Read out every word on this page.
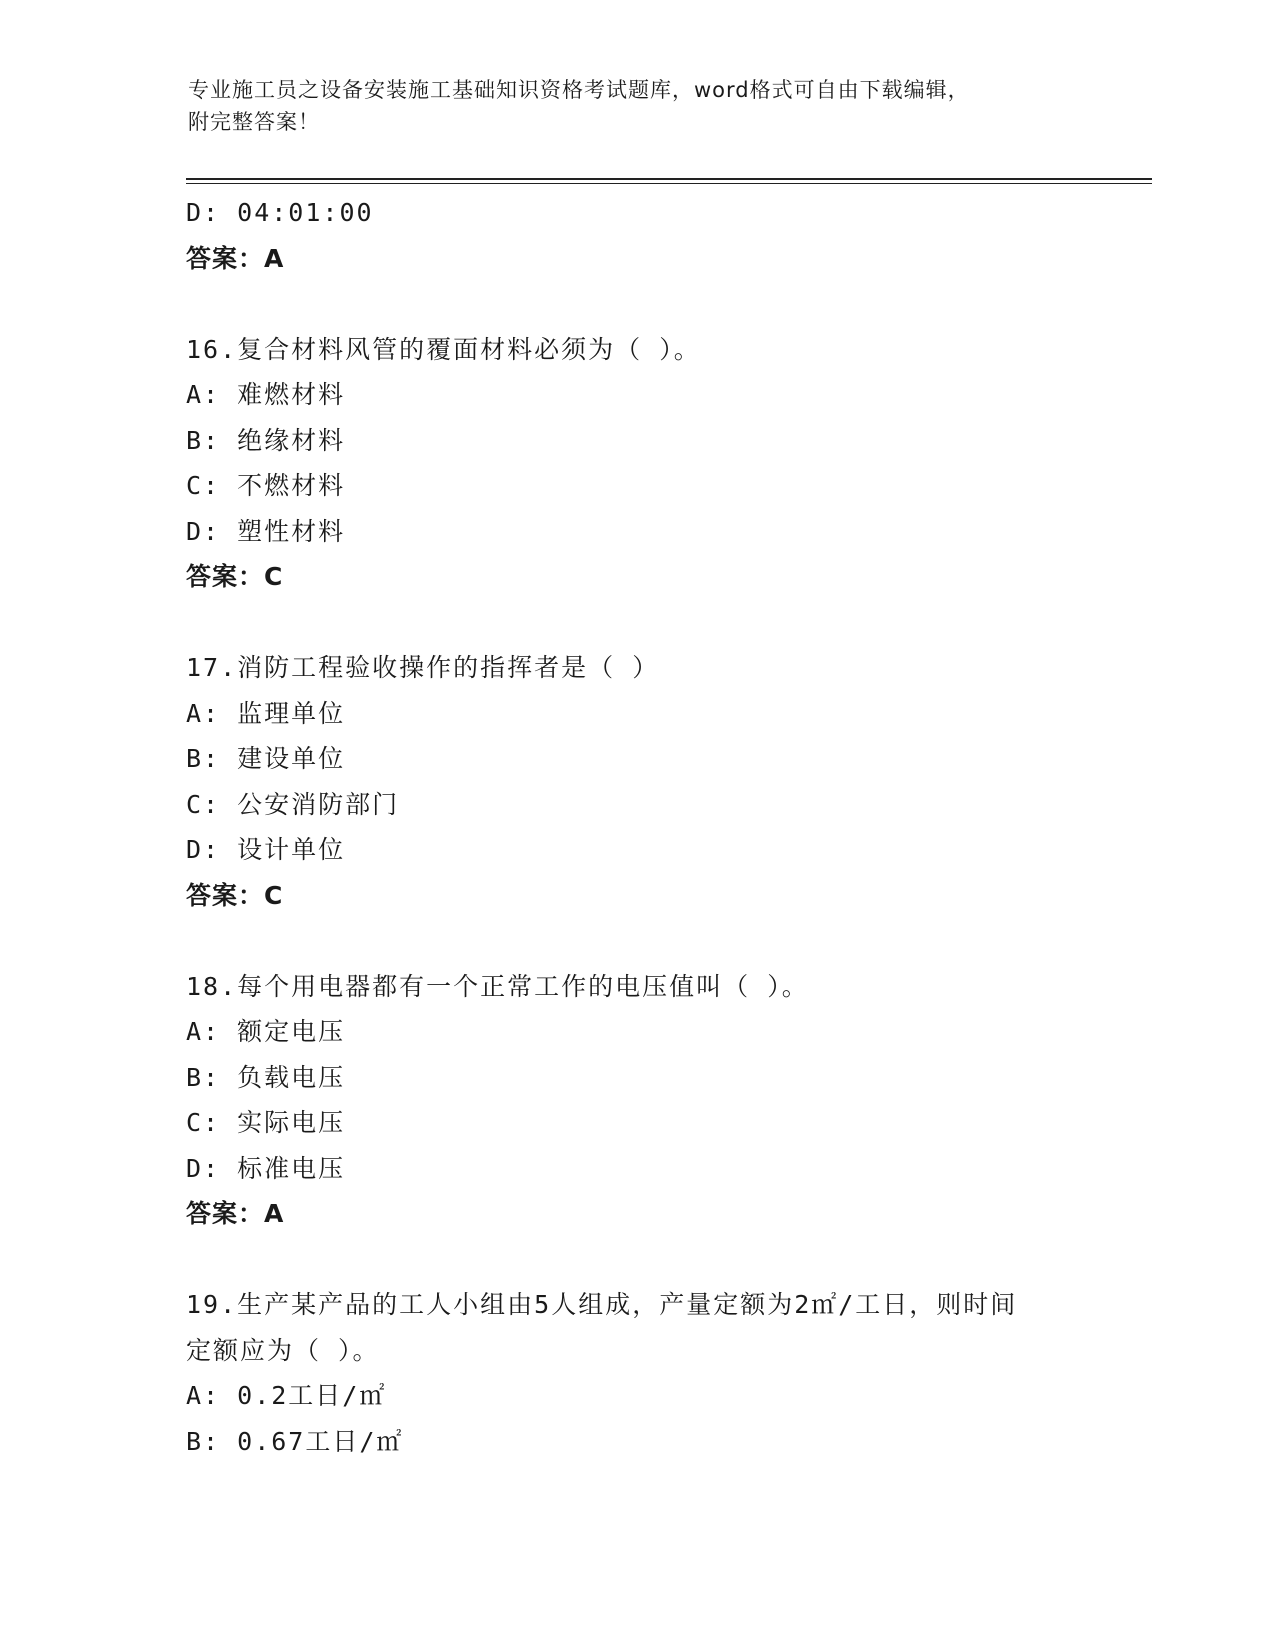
专业施工员之设备安装施工基础知识资格考试题库，word格式可自由下载编辑，
附完整答案！
D: 04:01:00
答案：A
16.复合材料风管的覆面材料必须为（ ）。
A: 难燃材料
B: 绝缘材料
C: 不燃材料
D: 塑性材料
答案：C
17.消防工程验收操作的指挥者是（ ）
A: 监理单位
B: 建设单位
C: 公安消防部门
D: 设计单位
答案：C
18.每个用电器都有一个正常工作的电压值叫（ ）。
A: 额定电压
B: 负载电压
C: 实际电压
D: 标准电压
答案：A
19.生产某产品的工人小组由5人组成，产量定额为2㎡/工日，则时间
定额应为（ ）。
A: 0.2工日/㎡
B: 0.67工日/㎡
